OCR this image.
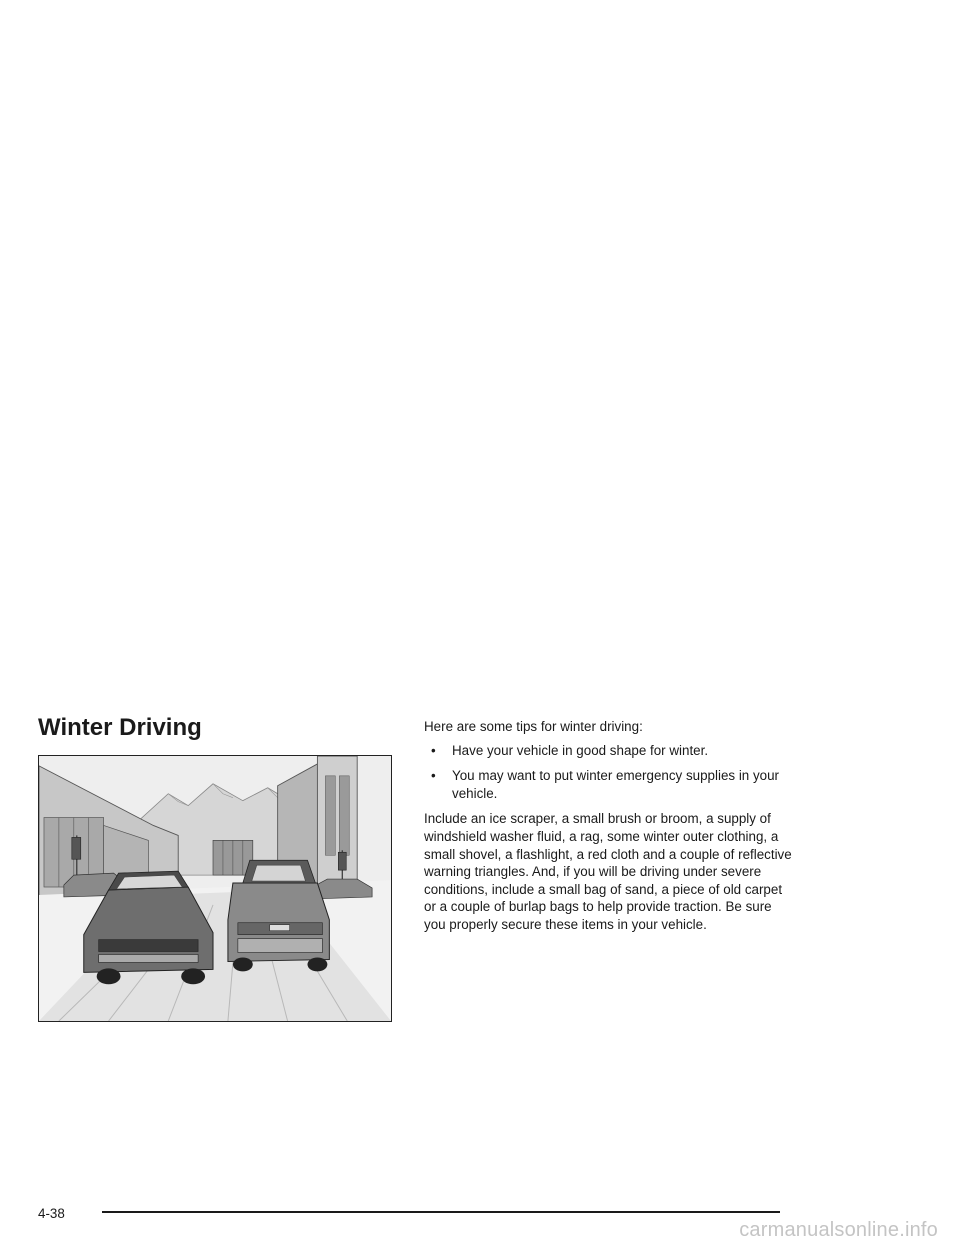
Winter Driving	Here are some tips for winter driving:

• Have your vehicle in good shape for winter.
• You may want to put winter emergency supplies in your vehicle.

Include an ice scraper, a small brush or broom, a supply of windshield washer fluid, a rag, some winter outer clothing, a small shovel, a flashlight, a red cloth and a couple of reflective warning triangles. And, if you will be driving under severe conditions, include a small bag of sand, a piece of old carpet or a couple of burlap bags to help provide traction. Be sure you properly secure these items in your vehicle.

4-38
carmanualsonline.info
